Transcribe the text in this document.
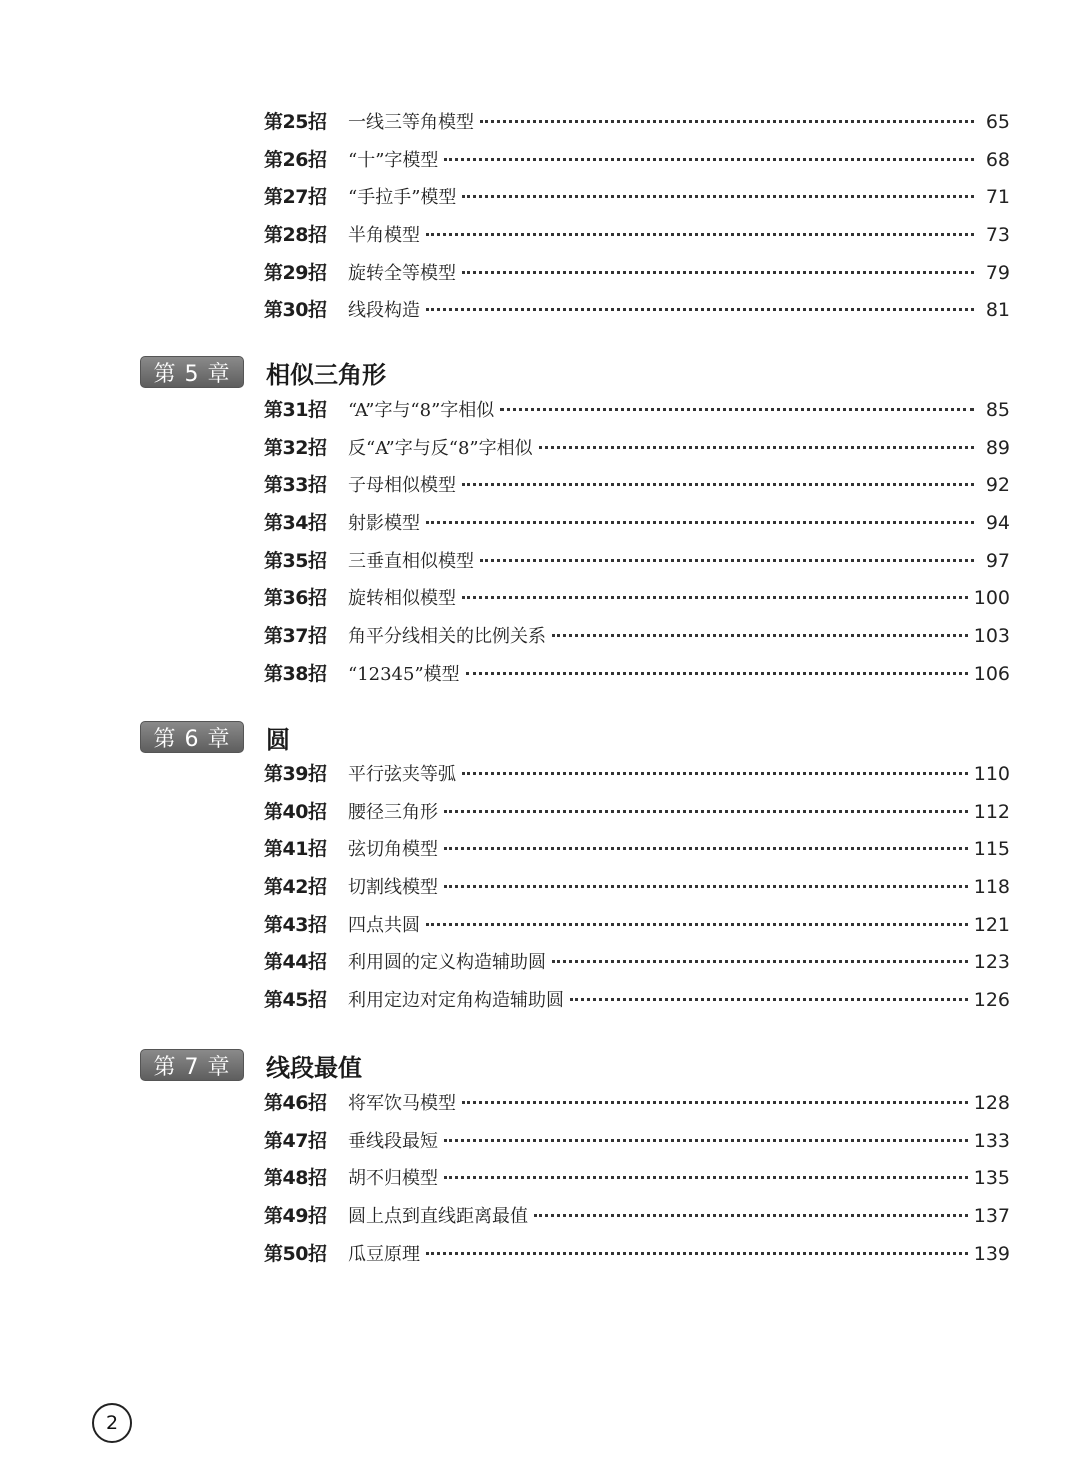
第25招	一线三等角模型	65
第26招	“十”字模型	68
第27招	“手拉手”模型	71
第28招	半角模型	73
第29招	旋转全等模型	79
第30招	线段构造	81
第 5 章	相似三角形
第31招	“A”字与“8”字相似	85
第32招	反“A”字与反“8”字相似	89
第33招	子母相似模型	92
第34招	射影模型	94
第35招	三垂直相似模型	97
第36招	旋转相似模型	100
第37招	角平分线相关的比例关系	103
第38招	“12345”模型	106
第 6 章	圆
第39招	平行弦夹等弧	110
第40招	腰径三角形	112
第41招	弦切角模型	115
第42招	切割线模型	118
第43招	四点共圆	121
第44招	利用圆的定义构造辅助圆	123
第45招	利用定边对定角构造辅助圆	126
第 7 章	线段最值
第46招	将军饮马模型	128
第47招	垂线段最短	133
第48招	胡不归模型	135
第49招	圆上点到直线距离最值	137
第50招	瓜豆原理	139
2
